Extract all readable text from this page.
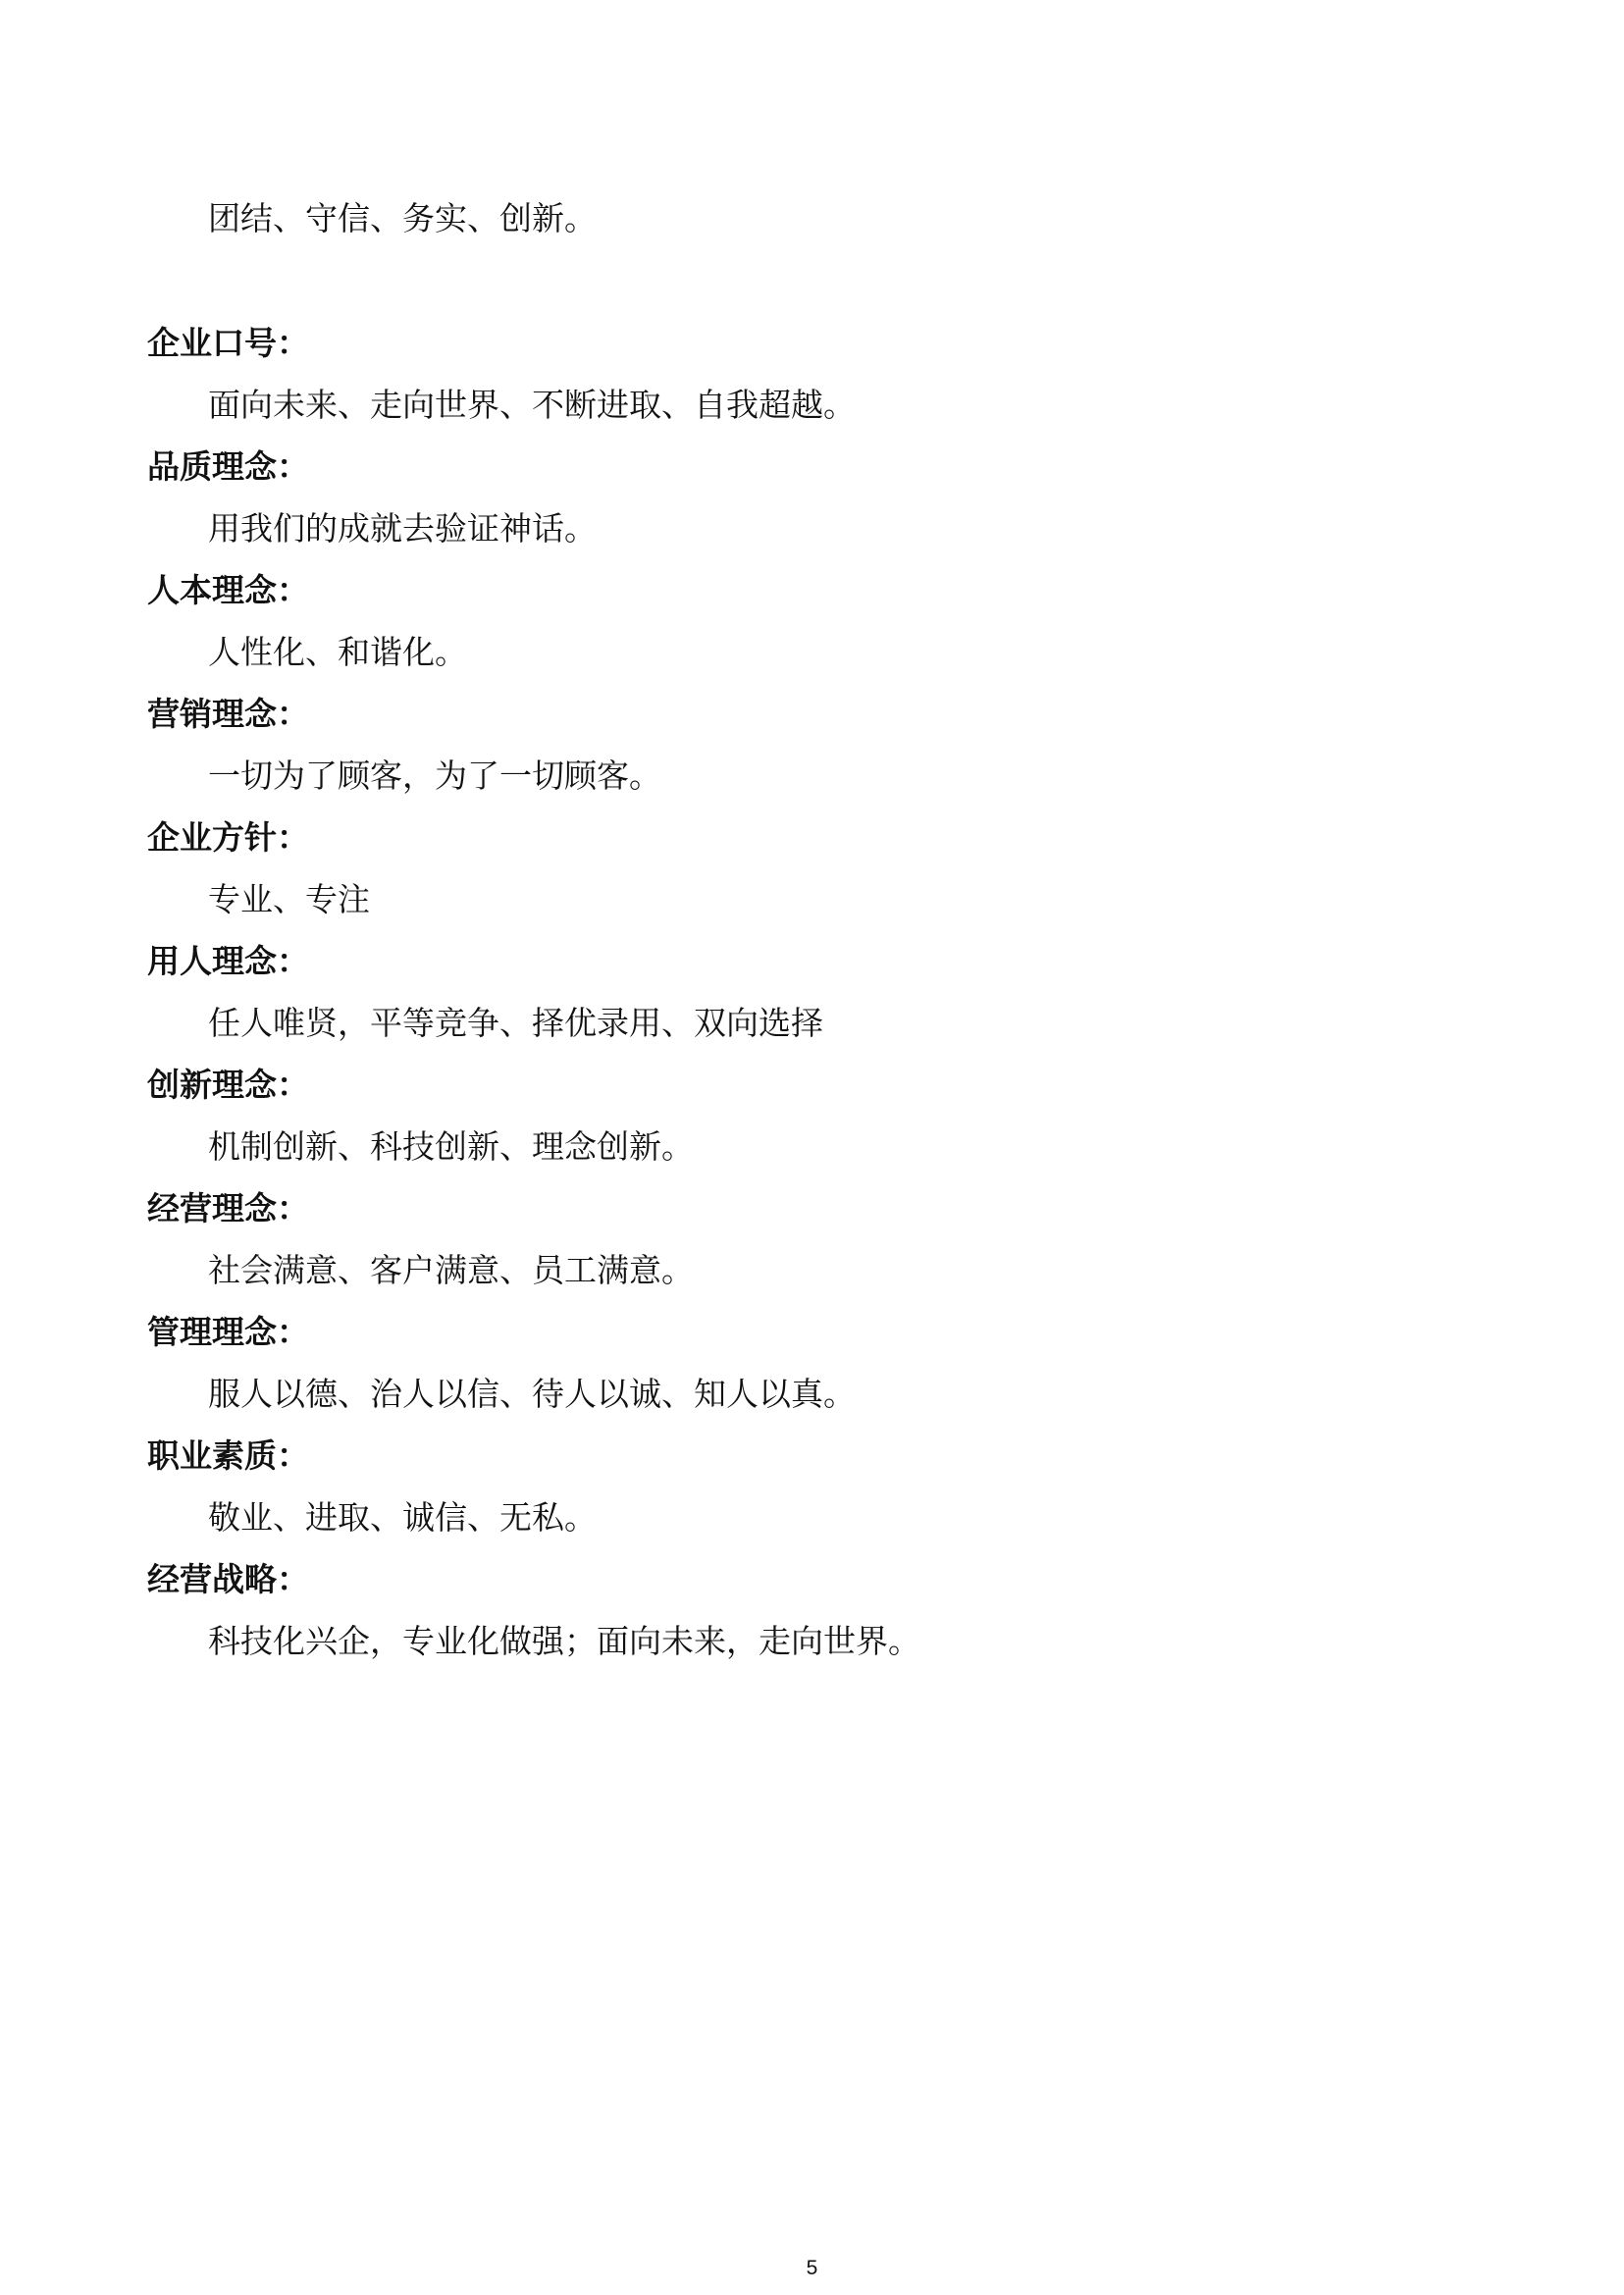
团结、守信、务实、创新。
企业口号：
面向未来、走向世界、不断进取、自我超越。
品质理念：
用我们的成就去验证神话。
人本理念：
人性化、和谐化。
营销理念：
一切为了顾客，为了一切顾客。
企业方针：
专业、专注
用人理念：
任人唯贤，平等竞争、择优录用、双向选择
创新理念：
机制创新、科技创新、理念创新。
经营理念：
社会满意、客户满意、员工满意。
管理理念：
服人以德、治人以信、待人以诚、知人以真。
职业素质：
敬业、进取、诚信、无私。
经营战略：
科技化兴企，专业化做强；面向未来，走向世界。
5
